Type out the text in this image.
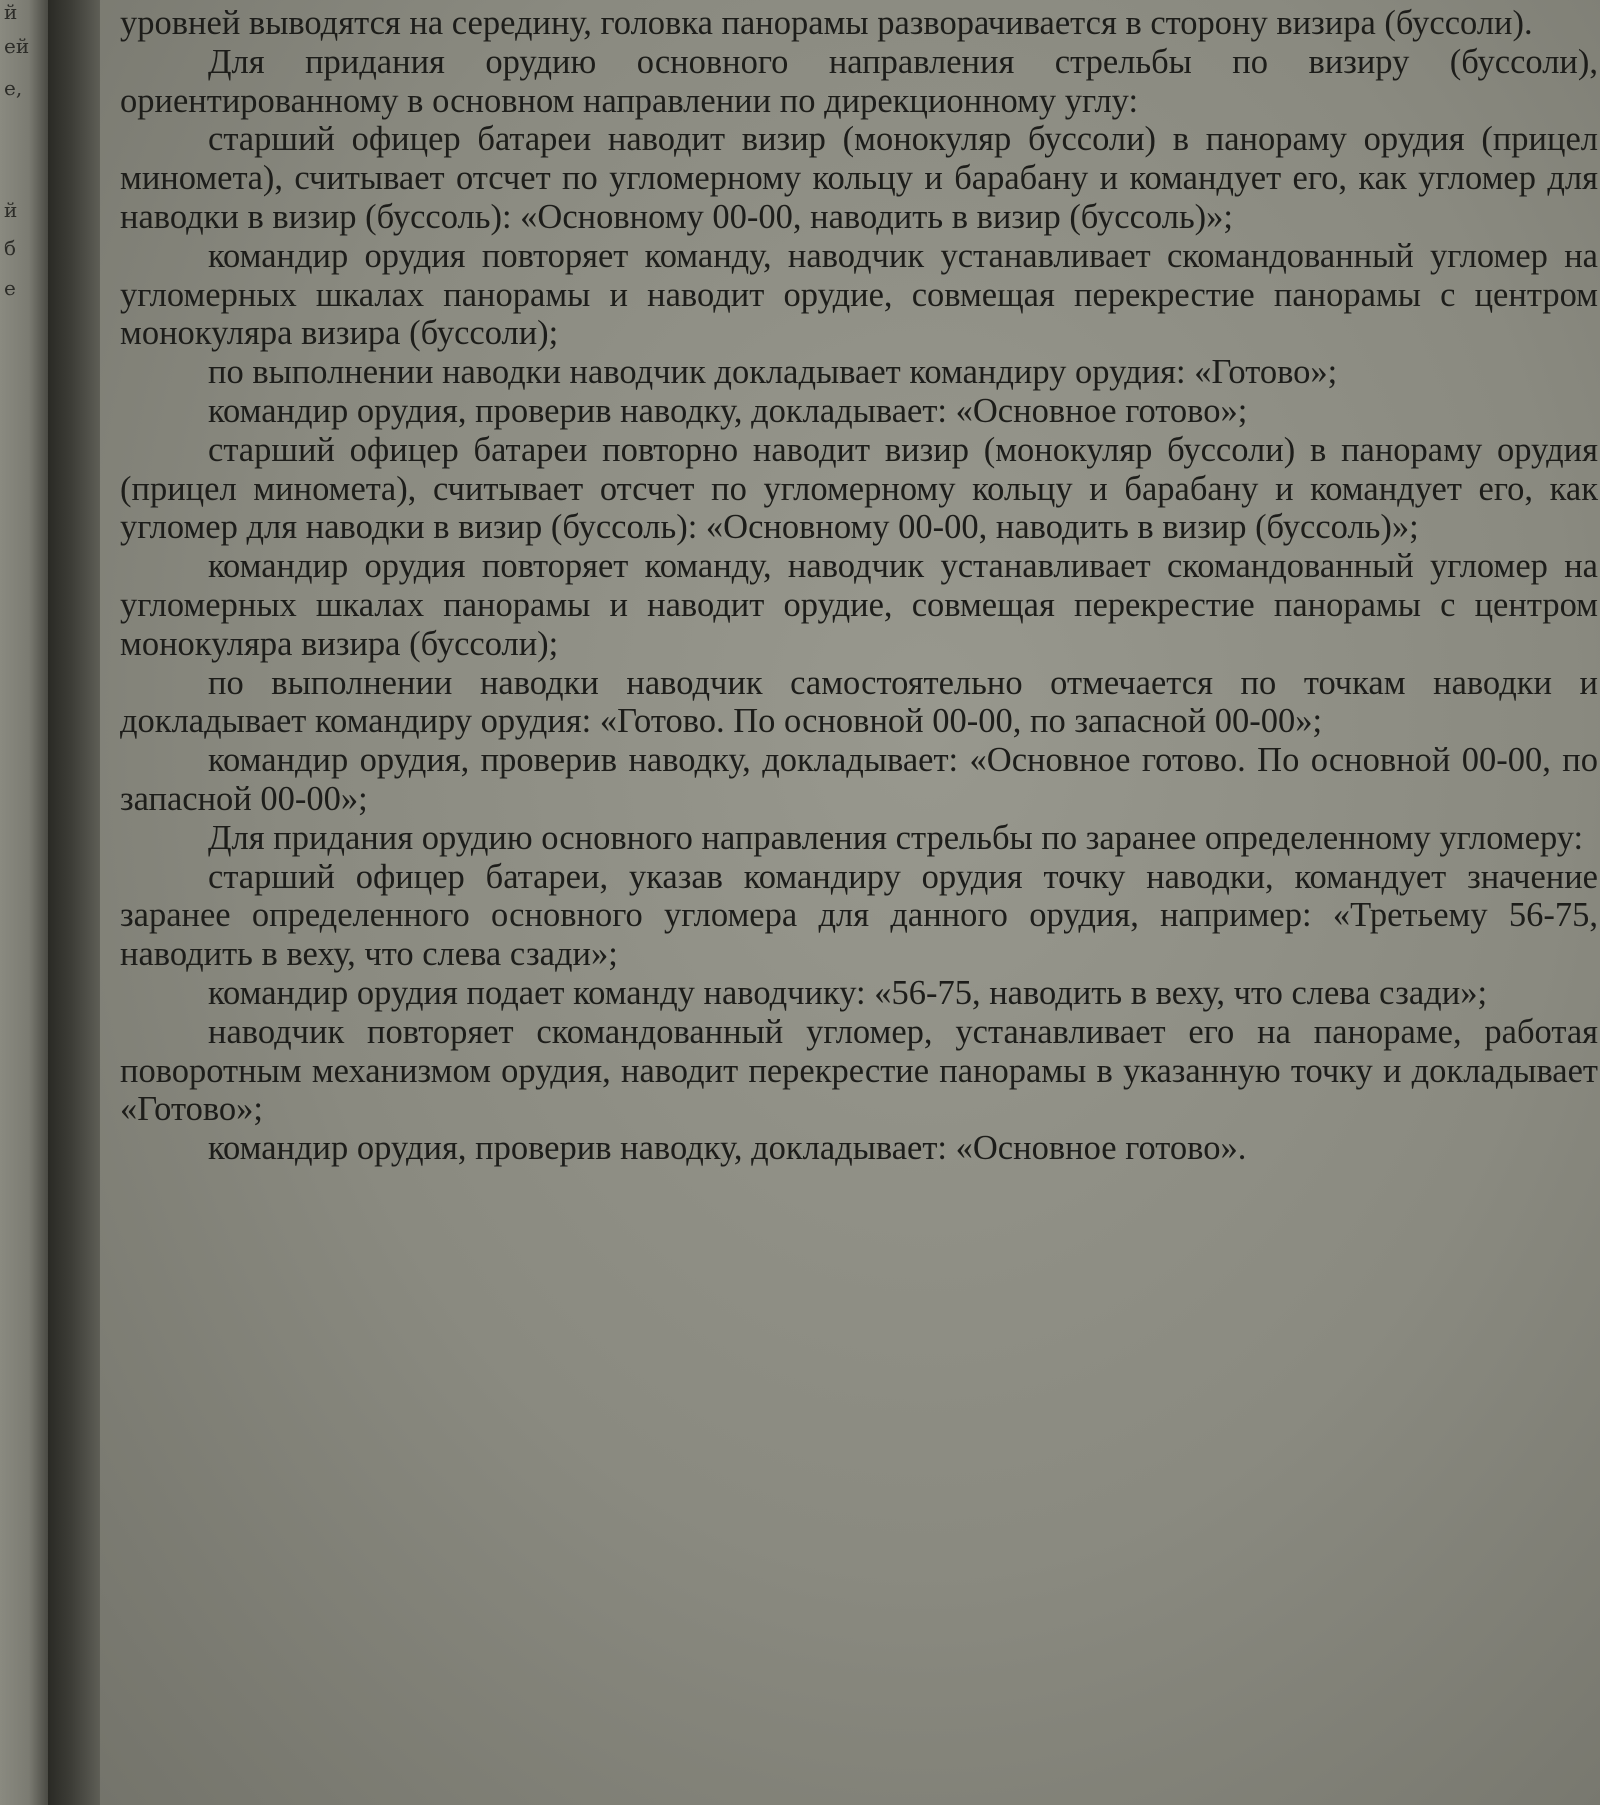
й
ей
е,
й
б
е

уровней выводятся на середину, головка панорамы разворачивается в сторону визира (буссоли).

Для придания орудию основного направления стрельбы по визиру (буссоли), ориентированному в основном направлении по дирекционному углу:

старший офицер батареи наводит визир (монокуляр буссоли) в панораму орудия (прицел минометa), считывает отсчет по угломерному кольцу и барабану и командует его, как угломер для наводки в визир (буссоль): «Основному 00-00, наводить в визир (буссоль)»;

командир орудия повторяет команду, наводчик устанавливает скомандованный угломер на угломерных шкалах панорамы и наводит орудие, совмещая перекрестие панорамы с центром монокуляра визира (буссоли);

по выполнении наводки наводчик докладывает командиру орудия: «Готово»;

командир орудия, проверив наводку, докладывает: «Основное готово»;

старший офицер батареи повторно наводит визир (монокуляр буссоли) в панораму орудия (прицел минометa), считывает отсчет по угломерному кольцу и барабану и командует его, как угломер для наводки в визир (буссоль): «Основному 00-00, наводить в визир (буссоль)»;

командир орудия повторяет команду, наводчик устанавливает скомандованный угломер на угломерных шкалах панорамы и наводит орудие, совмещая перекрестие панорамы с центром монокуляра визира (буссоли);

по выполнении наводки наводчик самостоятельно отмечается по точкам наводки и докладывает командиру орудия: «Готово. По основной 00-00, по запасной 00-00»;

командир орудия, проверив наводку, докладывает: «Основное готово. По основной 00-00, по запасной 00-00»;

Для придания орудию основного направления стрельбы по заранее определенному угломеру:

старший офицер батареи, указав командиру орудия точку наводки, командует значение заранее определенного основного угломера для данного орудия, например: «Третьему 56-75, наводить в веху, что слева сзади»;

командир орудия подает команду наводчику: «56-75, наводить в веху, что слева сзади»;

наводчик повторяет скомандованный угломер, устанавливает его на панораме, работая поворотным механизмом орудия, наводит перекрестие панорамы в указанную точку и докладывает «Готово»;

командир орудия, проверив наводку, докладывает: «Основное готово».
